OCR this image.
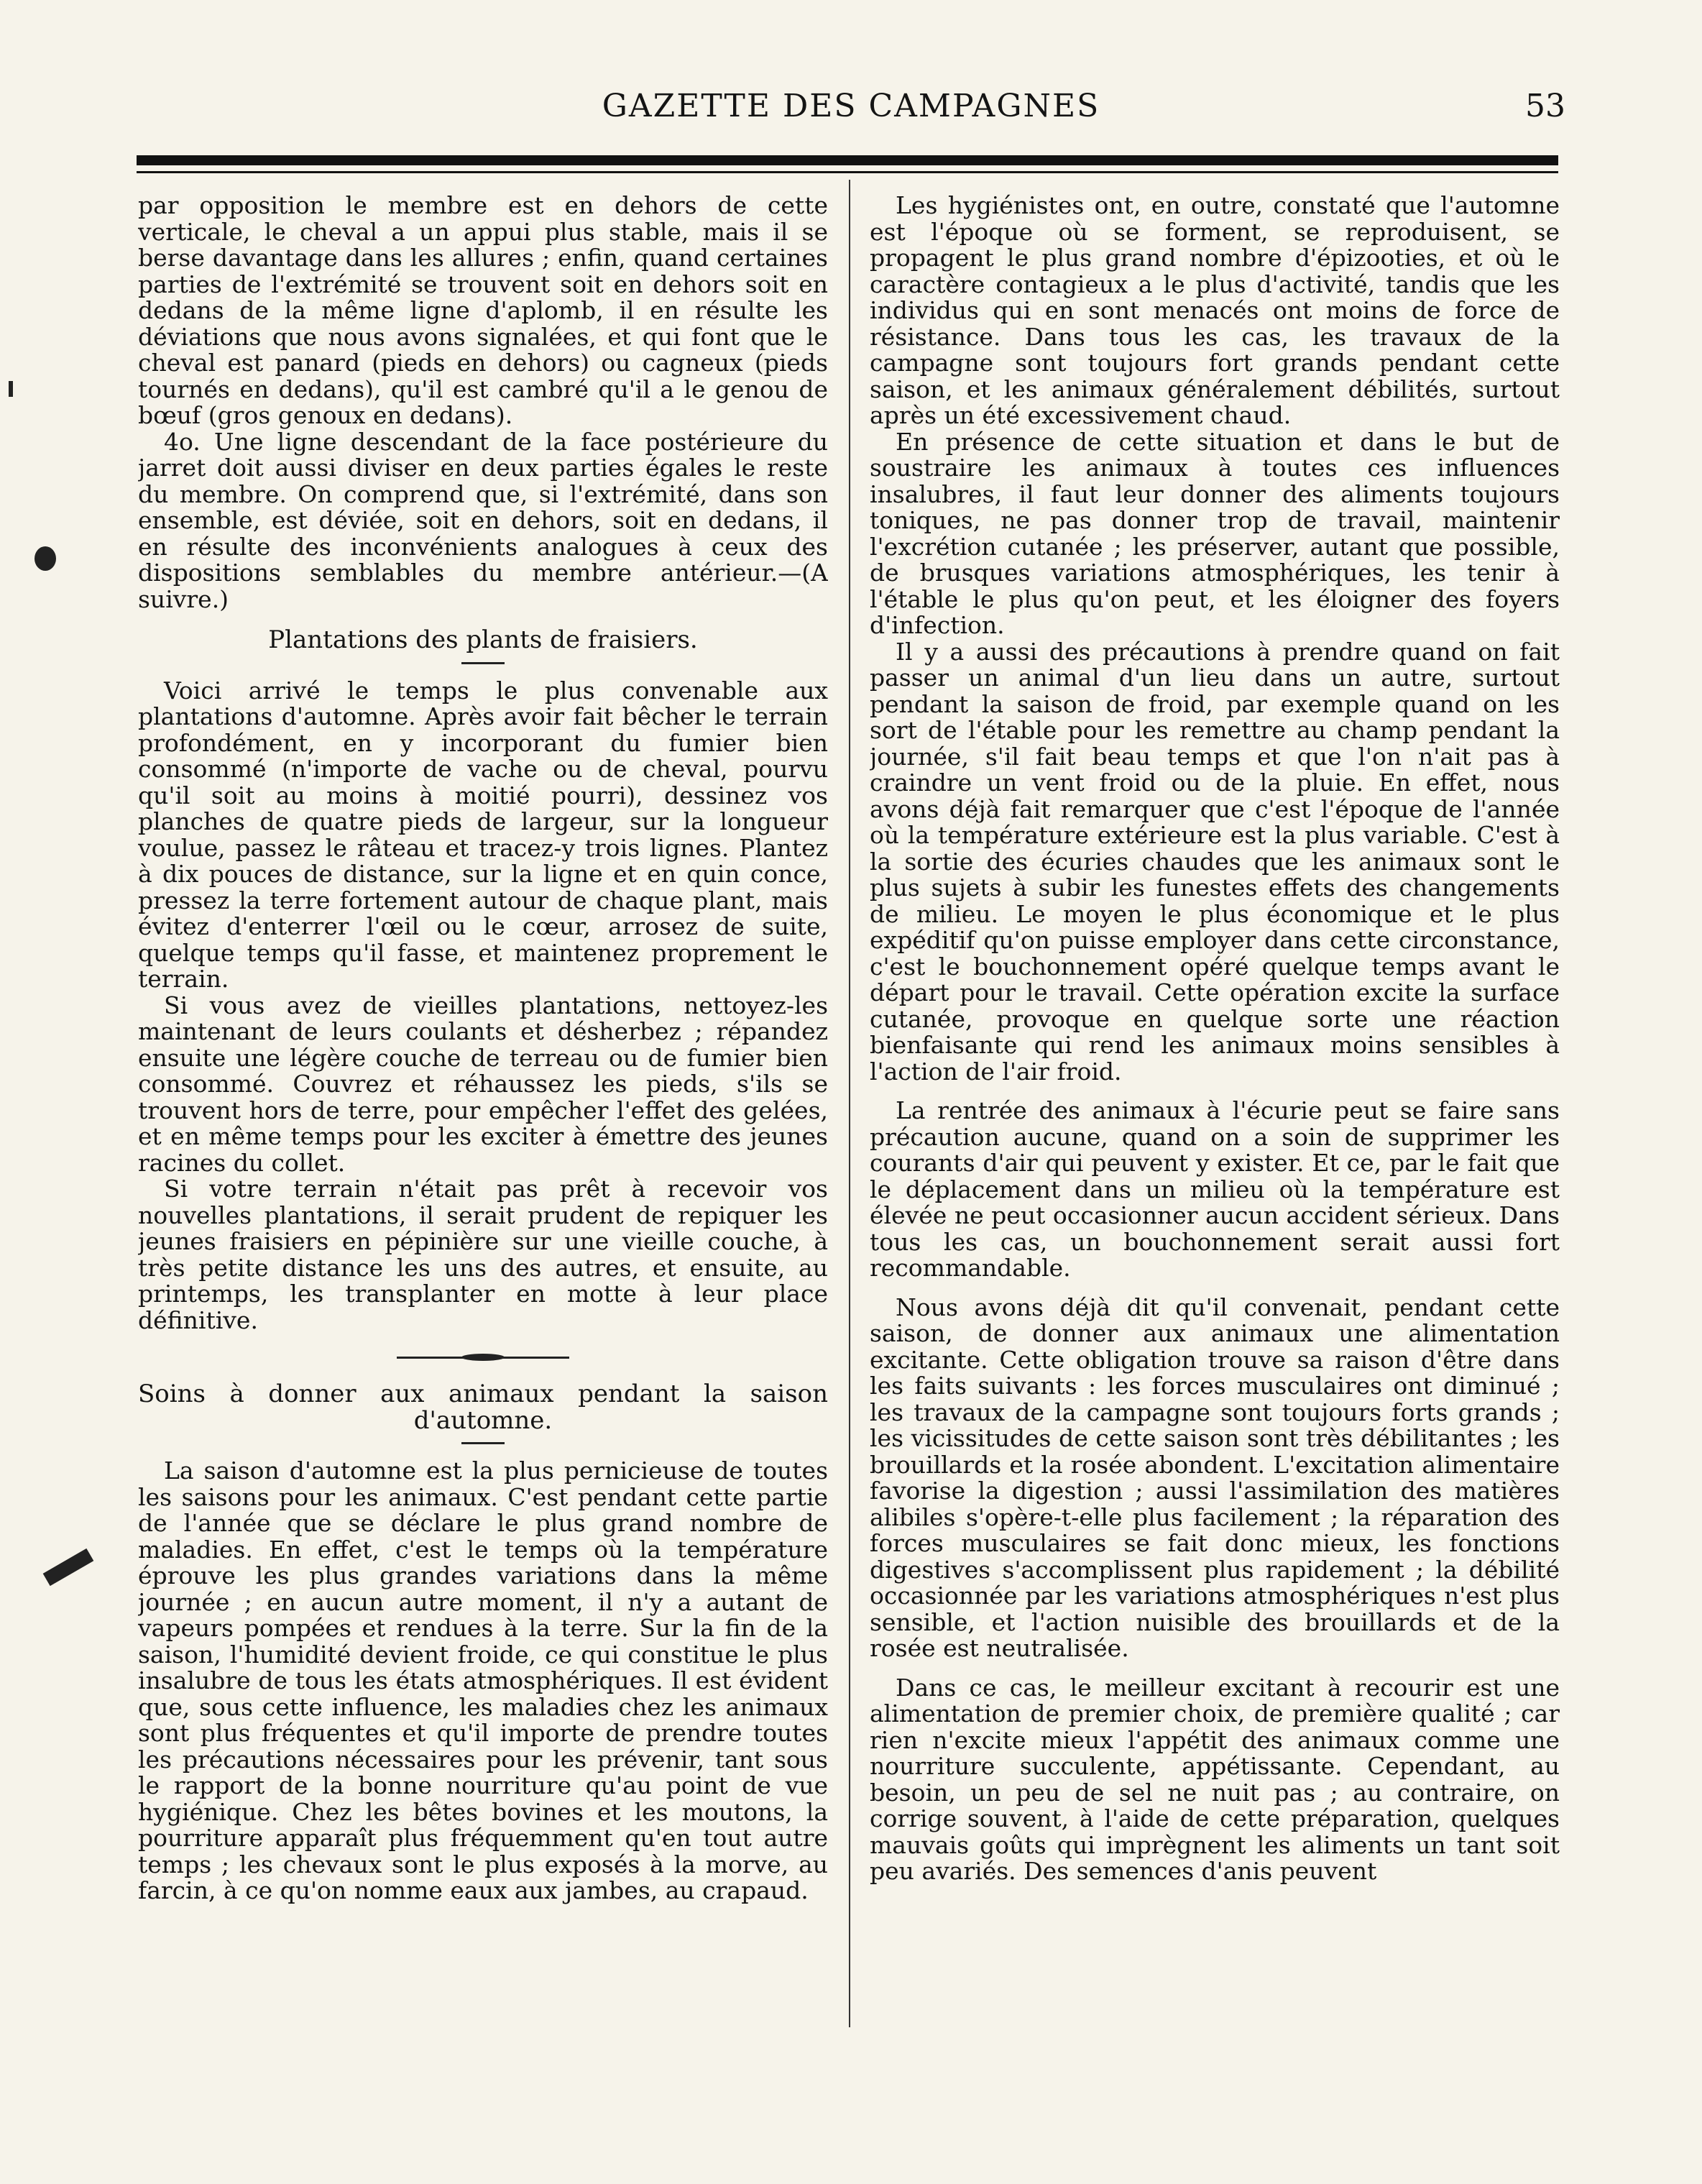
GAZETTE DES CAMPAGNES	53

par opposition le membre est en dehors de cette verticale, le cheval a un appui plus stable, mais il se berse davantage dans les allures ; enfin, quand certaines parties de l'extrémité se trouvent soit en dehors soit en dedans de la même ligne d'aplomb, il en résulte les déviations que nous avons signalées, et qui font que le cheval est panard (pieds en dehors) ou cagneux (pieds tournés en dedans), qu'il est cambré qu'il a le genou de bœuf (gros genoux en dedans).

4o. Une ligne descendant de la face postérieure du jarret doit aussi diviser en deux parties égales le reste du membre. On comprend que, si l'extrémité, dans son ensemble, est déviée, soit en dehors, soit en dedans, il en résulte des inconvénients analogues à ceux des dispositions semblables du membre antérieur.—(A suivre.)

Plantations des plants de fraisiers.

Voici arrivé le temps le plus convenable aux plantations d'automne. Après avoir fait bêcher le terrain profondément, en y incorporant du fumier bien consommé (n'importe de vache ou de cheval, pourvu qu'il soit au moins à moitié pourri), dessinez vos planches de quatre pieds de largeur, sur la longueur voulue, passez le râteau et tracez-y trois lignes. Plantez à dix pouces de distance, sur la ligne et en quin conce, pressez la terre fortement autour de chaque plant, mais évitez d'enterrer l'œil ou le cœur, arrosez de suite, quelque temps qu'il fasse, et maintenez proprement le terrain.

Si vous avez de vieilles plantations, nettoyez-les maintenant de leurs coulants et désherbez ; répandez ensuite une légère couche de terreau ou de fumier bien consommé. Couvrez et réhaussez les pieds, s'ils se trouvent hors de terre, pour empêcher l'effet des gelées, et en même temps pour les exciter à émettre des jeunes racines du collet.

Si votre terrain n'était pas prêt à recevoir vos nouvelles plantations, il serait prudent de repiquer les jeunes fraisiers en pépinière sur une vieille couche, à très petite distance les uns des autres, et ensuite, au printemps, les transplanter en motte à leur place définitive.

Soins à donner aux animaux pendant la saison d'automne.

La saison d'automne est la plus pernicieuse de toutes les saisons pour les animaux. C'est pendant cette partie de l'année que se déclare le plus grand nombre de maladies. En effet, c'est le temps où la température éprouve les plus grandes variations dans la même journée ; en aucun autre moment, il n'y a autant de vapeurs pompées et rendues à la terre. Sur la fin de la saison, l'humidité devient froide, ce qui constitue le plus insalubre de tous les états atmosphériques. Il est évident que, sous cette influence, les maladies chez les animaux sont plus fréquentes et qu'il importe de prendre toutes les précautions nécessaires pour les prévenir, tant sous le rapport de la bonne nourriture qu'au point de vue hygiénique. Chez les bêtes bovines et les moutons, la pourriture apparaît plus fréquemment qu'en tout autre temps ; les chevaux sont le plus exposés à la morve, au farcin, à ce qu'on nomme eaux aux jambes, au crapaud.

Les hygiénistes ont, en outre, constaté que l'automne est l'époque où se forment, se reproduisent, se propagent le plus grand nombre d'épizooties, et où le caractère contagieux a le plus d'activité, tandis que les individus qui en sont menacés ont moins de force de résistance. Dans tous les cas, les travaux de la campagne sont toujours fort grands pendant cette saison, et les animaux généralement débilités, surtout après un été excessivement chaud.

En présence de cette situation et dans le but de soustraire les animaux à toutes ces influences insalubres, il faut leur donner des aliments toujours toniques, ne pas donner trop de travail, maintenir l'excrétion cutanée ; les préserver, autant que possible, de brusques variations atmosphériques, les tenir à l'étable le plus qu'on peut, et les éloigner des foyers d'infection.

Il y a aussi des précautions à prendre quand on fait passer un animal d'un lieu dans un autre, surtout pendant la saison de froid, par exemple quand on les sort de l'étable pour les remettre au champ pendant la journée, s'il fait beau temps et que l'on n'ait pas à craindre un vent froid ou de la pluie. En effet, nous avons déjà fait remarquer que c'est l'époque de l'année où la température extérieure est la plus variable. C'est à la sortie des écuries chaudes que les animaux sont le plus sujets à subir les funestes effets des changements de milieu. Le moyen le plus économique et le plus expéditif qu'on puisse employer dans cette circonstance, c'est le bouchonnement opéré quelque temps avant le départ pour le travail. Cette opération excite la surface cutanée, provoque en quelque sorte une réaction bienfaisante qui rend les animaux moins sensibles à l'action de l'air froid.

La rentrée des animaux à l'écurie peut se faire sans précaution aucune, quand on a soin de supprimer les courants d'air qui peuvent y exister. Et ce, par le fait que le déplacement dans un milieu où la température est élevée ne peut occasionner aucun accident sérieux. Dans tous les cas, un bouchonnement serait aussi fort recommandable.

Nous avons déjà dit qu'il convenait, pendant cette saison, de donner aux animaux une alimentation excitante. Cette obligation trouve sa raison d'être dans les faits suivants : les forces musculaires ont diminué ; les travaux de la campagne sont toujours forts grands ; les vicissitudes de cette saison sont très débilitantes ; les brouillards et la rosée abondent. L'excitation alimentaire favorise la digestion ; aussi l'assimilation des matières alibiles s'opère-t-elle plus facilement ; la réparation des forces musculaires se fait donc mieux, les fonctions digestives s'accomplissent plus rapidement ; la débilité occasionnée par les variations atmosphériques n'est plus sensible, et l'action nuisible des brouillards et de la rosée est neutralisée.

Dans ce cas, le meilleur excitant à recourir est une alimentation de premier choix, de première qualité ; car rien n'excite mieux l'appétit des animaux comme une nourriture succulente, appétissante. Cependant, au besoin, un peu de sel ne nuit pas ; au contraire, on corrige souvent, à l'aide de cette préparation, quelques mauvais goûts qui imprègnent les aliments un tant soit peu avariés. Des semences d'anis peuvent
